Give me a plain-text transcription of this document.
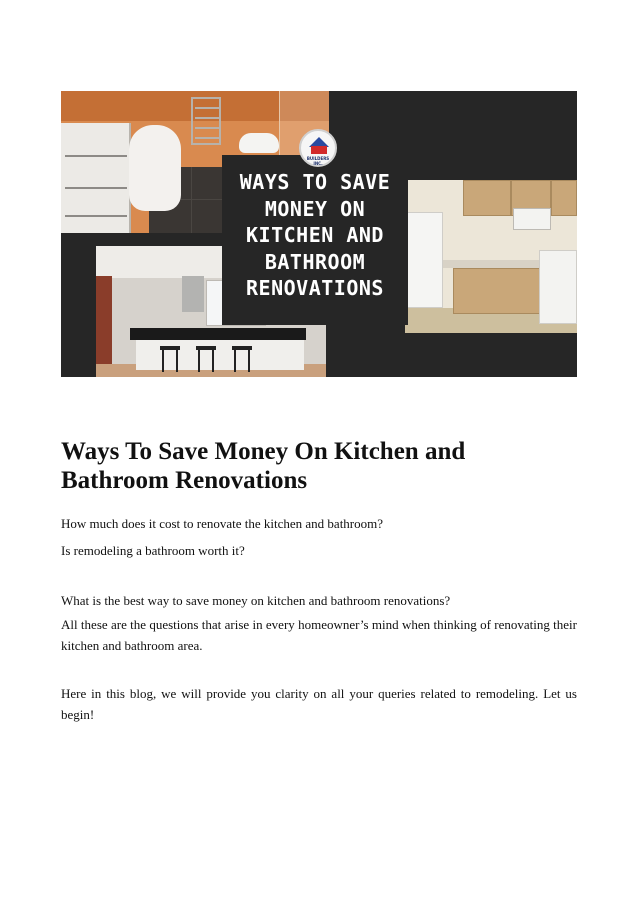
BUILDERS INC.
WAYS TO SAVE
MONEY ON
KITCHEN AND
BATHROOM
RENOVATIONS
Ways To Save Money On Kitchen and
Bathroom Renovations

How much does it cost to renovate the kitchen and bathroom?

Is remodeling a bathroom worth it?

What is the best way to save money on kitchen and bathroom renovations?

All these are the questions that arise in every homeowner’s mind when thinking of renovating their kitchen and bathroom area.

Here in this blog, we will provide you clarity on all your queries related to remodeling. Let us begin!
